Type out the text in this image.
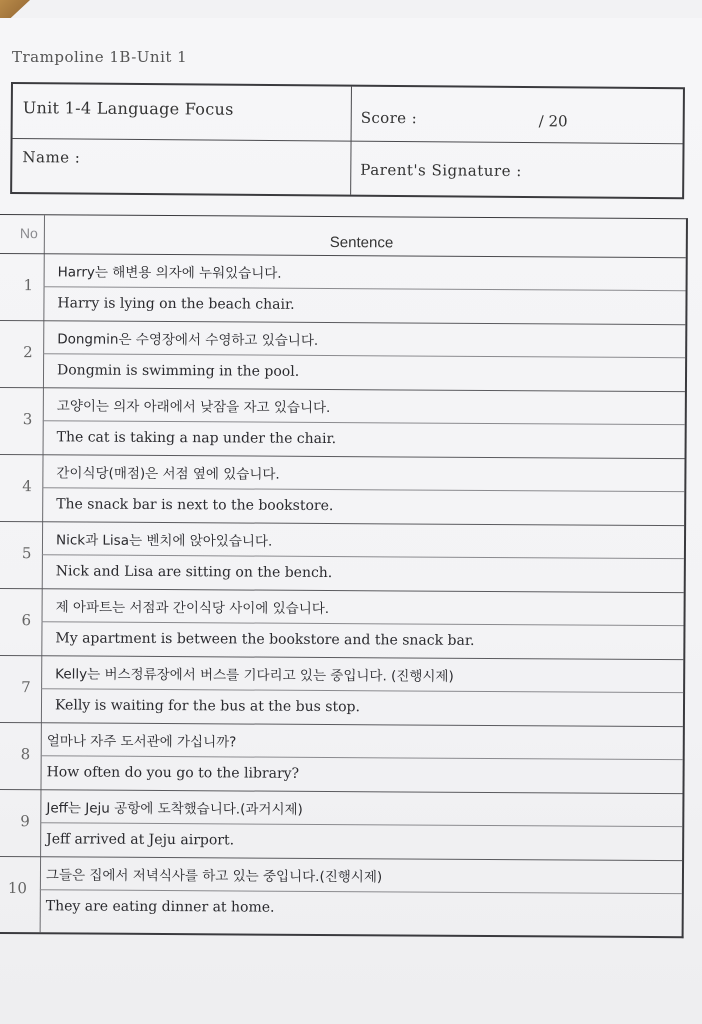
Trampoline 1B-Unit 1
Unit 1-4 Language Focus	Score :	/ 20
Name :
Parent's Signature :
No
Sentence
1
Harry는 해변용 의자에 누워있습니다.
Harry is lying on the beach chair.
2
Dongmin은 수영장에서 수영하고 있습니다.
Dongmin is swimming in the pool.
3
고양이는 의자 아래에서 낮잠을 자고 있습니다.
The cat is taking a nap under the chair.
4
간이식당(매점)은 서점 옆에 있습니다.
The snack bar is next to the bookstore.
5
Nick과 Lisa는 벤치에 앉아있습니다.
Nick and Lisa are sitting on the bench.
6
제 아파트는 서점과 간이식당 사이에 있습니다.
My apartment is between the bookstore and the snack bar.
7
Kelly는 버스정류장에서 버스를 기다리고 있는 중입니다. (진행시제)
Kelly is waiting for the bus at the bus stop.
8
얼마나 자주 도서관에 가십니까?
How often do you go to the library?
9
Jeff는 Jeju 공항에 도착했습니다.(과거시제)
Jeff arrived at Jeju airport.
10
그들은 집에서 저녁식사를 하고 있는 중입니다.(진행시제)
They are eating dinner at home.
